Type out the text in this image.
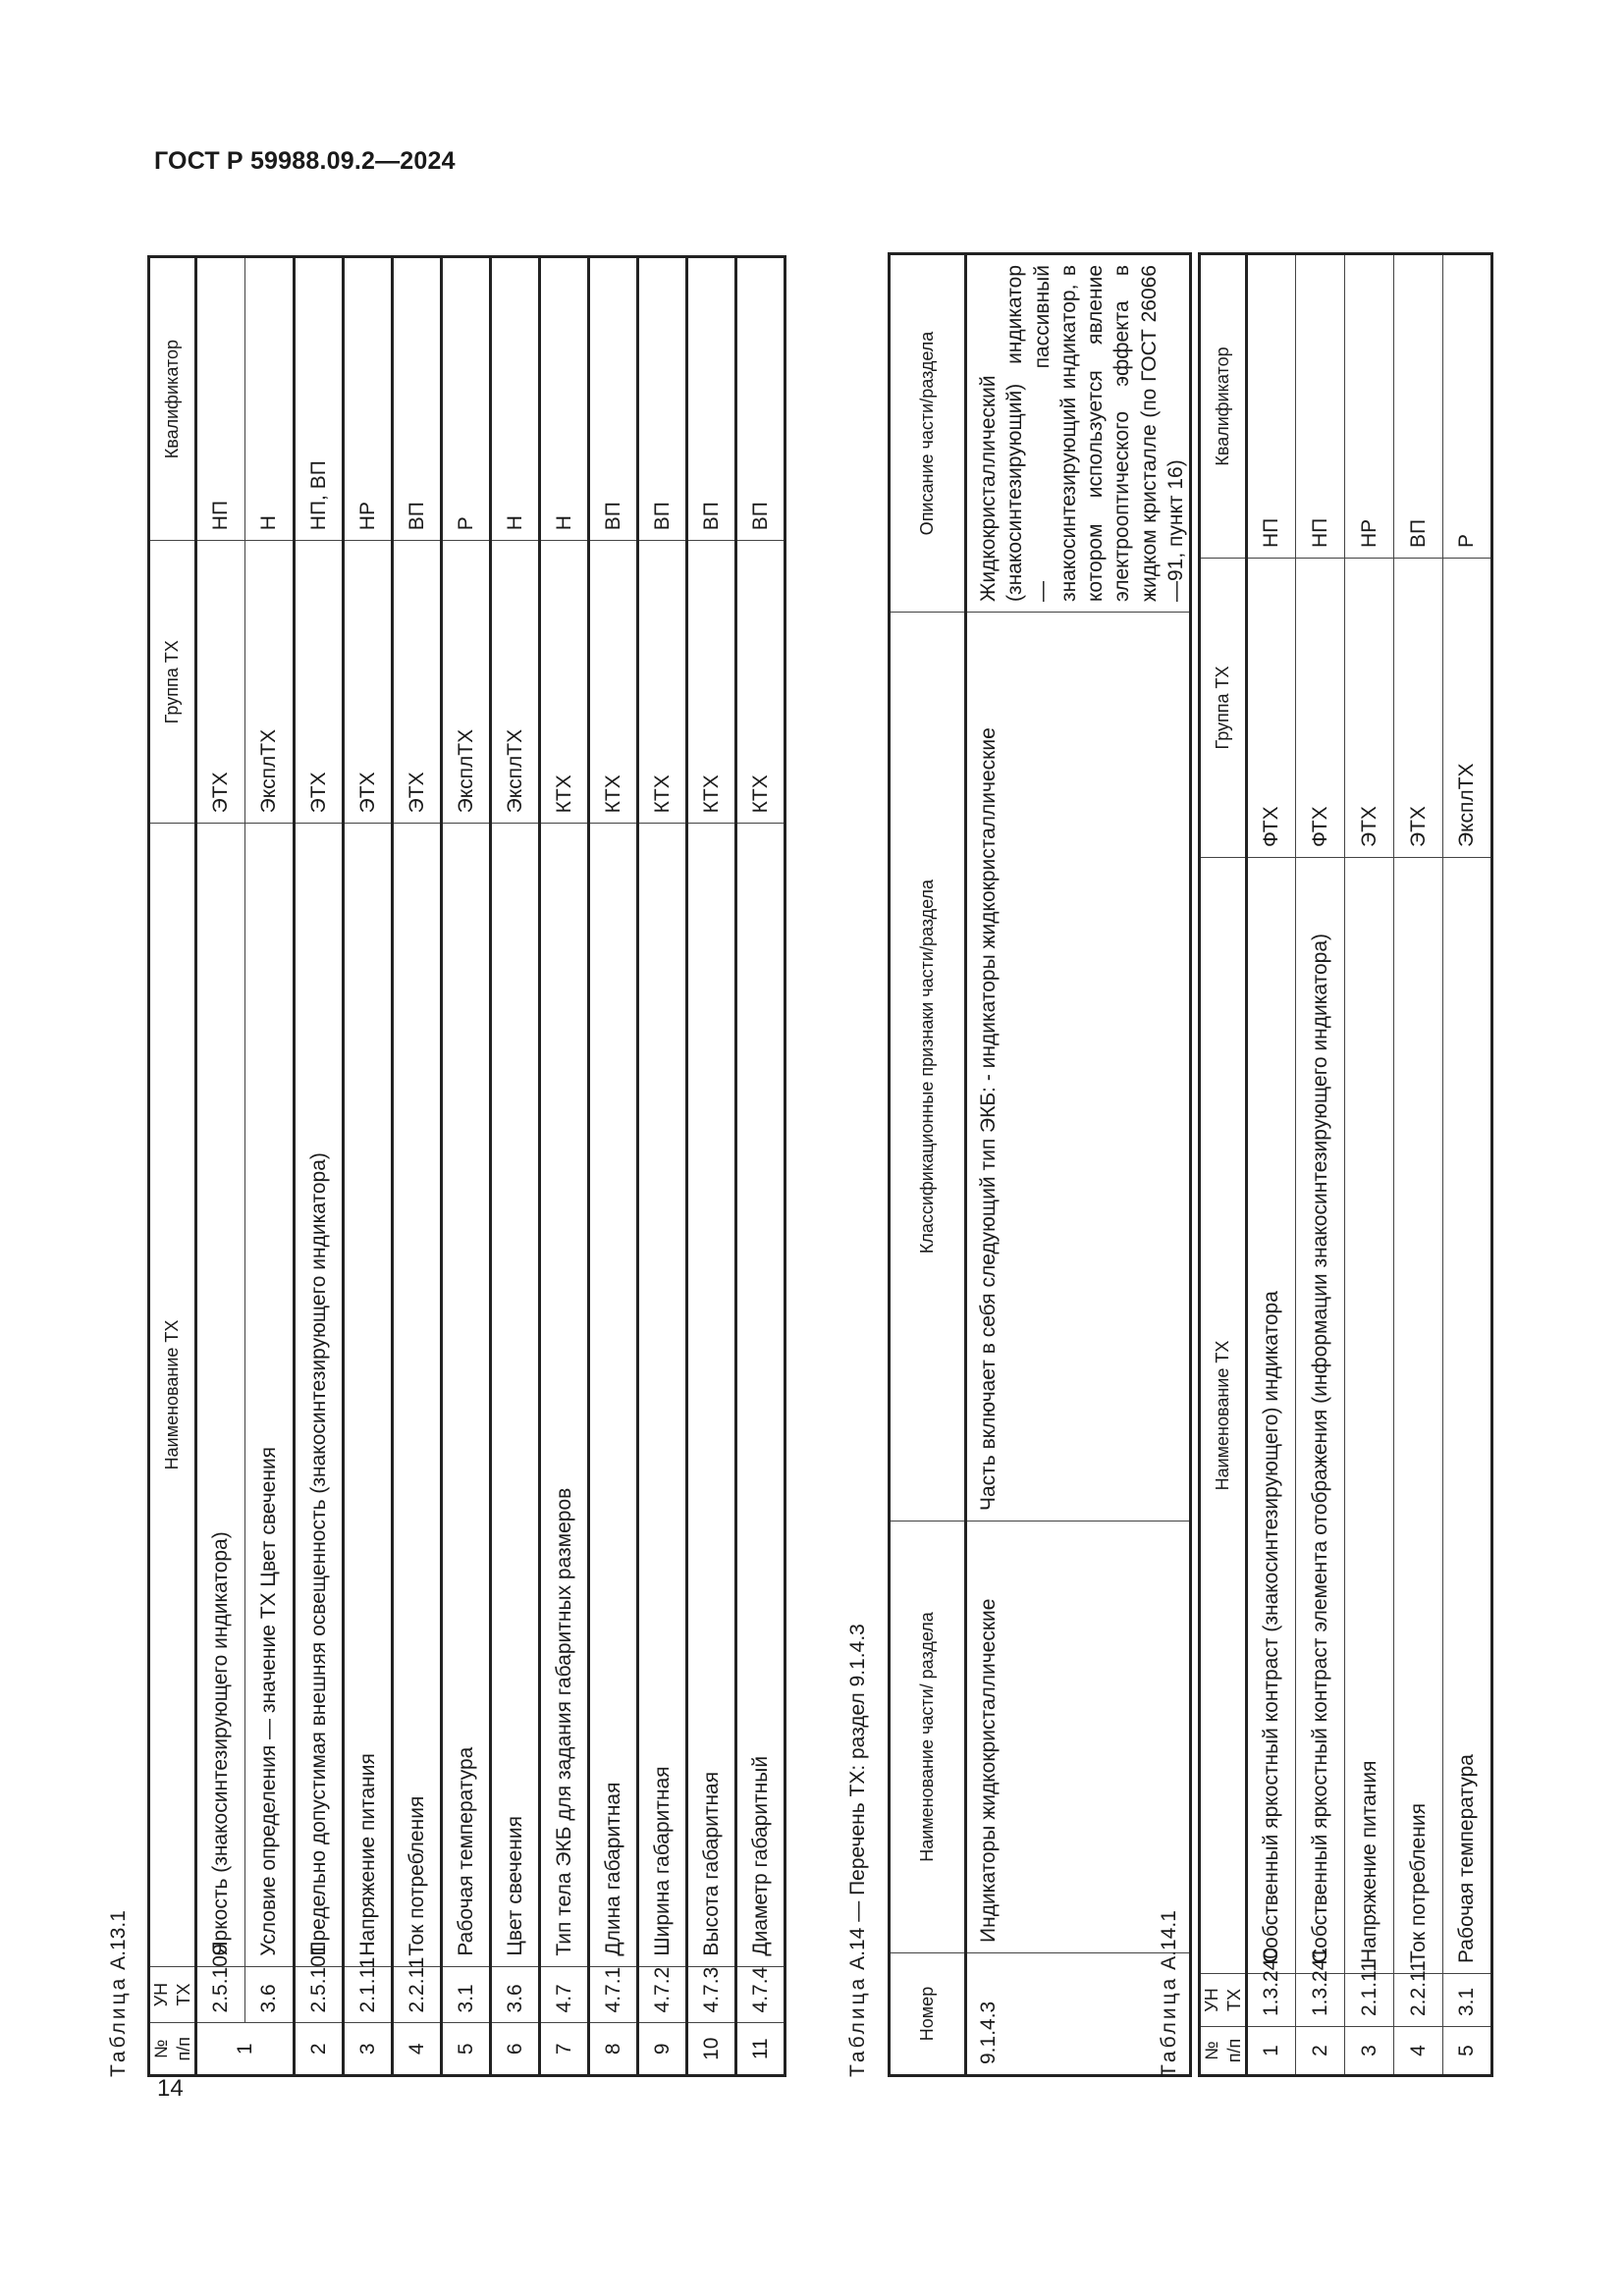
ГОСТ Р 59988.09.2—2024
Таблица А.13.1
№ п/п	УН ТХ	Наименование ТХ	Группа ТХ	Квалификатор
1	2.5.100	Яркость (знакосинтезирующего индикатора)	ЭТХ	НП
	3.6	Условие определения — значение ТХ Цвет свечения	ЭксплТХ	Н
2	2.5.101	Предельно допустимая внешняя освещенность (знакосинтезирующего индикатора)	ЭТХ	НП, ВП
3	2.1.11	Напряжение питания	ЭТХ	НР
4	2.2.11	Ток потребления	ЭТХ	ВП
5	3.1	Рабочая температура	ЭксплТХ	Р
6	3.6	Цвет свечения	ЭксплТХ	Н
7	4.7	Тип тела ЭКБ для задания габаритных размеров	КТХ	Н
8	4.7.1	Длина габаритная	КТХ	ВП
9	4.7.2	Ширина габаритная	КТХ	ВП
10	4.7.3	Высота габаритная	КТХ	ВП
11	4.7.4	Диаметр габаритный	КТХ	ВП
Таблица А.14 — Перечень ТХ: раздел 9.1.4.3
Номер	Наименование части/ раздела	Классификационные признаки части/раздела	Описание части/раздела
9.1.4.3	Индикаторы жидкокристаллические	Часть включает в себя следующий тип ЭКБ: - индикаторы жидкокристаллические	Жидкокристаллический (знакосинтезирующий) индикатор — пассивный знакосинтезирующий индикатор, в котором используется явление электрооптического эффекта в жидком кристалле (по ГОСТ 26066—91, пункт 16)
Таблица А.14.1
№ п/п	УН ТХ	Наименование ТХ	Группа ТХ	Квалификатор
1	1.3.240	Собственный яркостный контраст (знакосинтезирующего) индикатора	ФТХ	НП
2	1.3.241	Собственный яркостный контраст элемента отображения (информации знакосинтезирующего индикатора)	ФТХ	НП
3	2.1.11	Напряжение питания	ЭТХ	НР
4	2.2.11	Ток потребления	ЭТХ	ВП
5	3.1	Рабочая температура	ЭксплТХ	Р
14
